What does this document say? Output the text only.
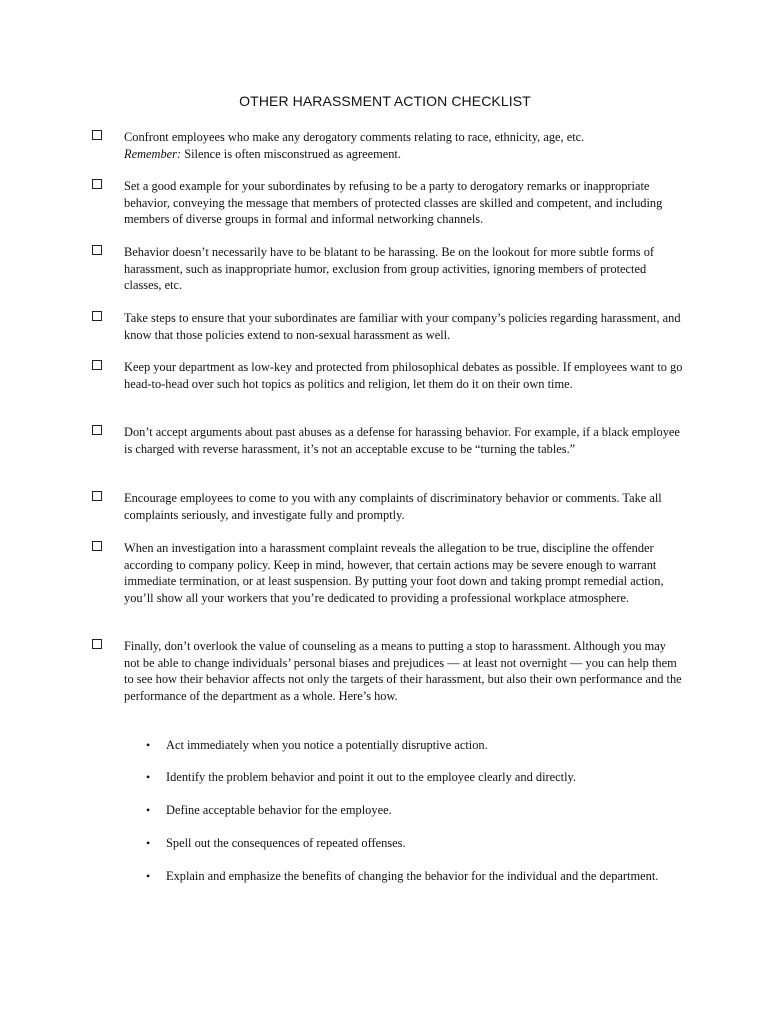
OTHER HARASSMENT ACTION CHECKLIST
Confront employees who make any derogatory comments relating to race, ethnicity, age, etc.
Remember: Silence is often misconstrued as agreement.
Set a good example for your subordinates by refusing to be a party to derogatory remarks or inappropriate behavior, conveying the message that members of protected classes are skilled and competent, and including members of diverse groups in formal and informal networking channels.
Behavior doesn’t necessarily have to be blatant to be harassing. Be on the lookout for more subtle forms of harassment, such as inappropriate humor, exclusion from group activities, ignoring members of protected classes, etc.
Take steps to ensure that your subordinates are familiar with your company’s policies regarding harassment, and know that those policies extend to non-sexual harassment as well.
Keep your department as low-key and protected from philosophical debates as possible. If employees want to go head-to-head over such hot topics as politics and religion, let them do it on their own time.
Don’t accept arguments about past abuses as a defense for harassing behavior. For example, if a black employee is charged with reverse harassment, it’s not an acceptable excuse to be “turning the tables.”
Encourage employees to come to you with any complaints of discriminatory behavior or comments. Take all complaints seriously, and investigate fully and promptly.
When an investigation into a harassment complaint reveals the allegation to be true, discipline the offender according to company policy. Keep in mind, however, that certain actions may be severe enough to warrant immediate termination, or at least suspension. By putting your foot down and taking prompt remedial action, you’ll show all your workers that you’re dedicated to providing a professional workplace atmosphere.
Finally, don’t overlook the value of counseling as a means to putting a stop to harassment. Although you may not be able to change individuals’ personal biases and prejudices — at least not overnight — you can help them to see how their behavior affects not only the targets of their harassment, but also their own performance and the performance of the department as a whole. Here’s how.
• Act immediately when you notice a potentially disruptive action.
• Identify the problem behavior and point it out to the employee clearly and directly.
• Define acceptable behavior for the employee.
• Spell out the consequences of repeated offenses.
• Explain and emphasize the benefits of changing the behavior for the individual and the department.
